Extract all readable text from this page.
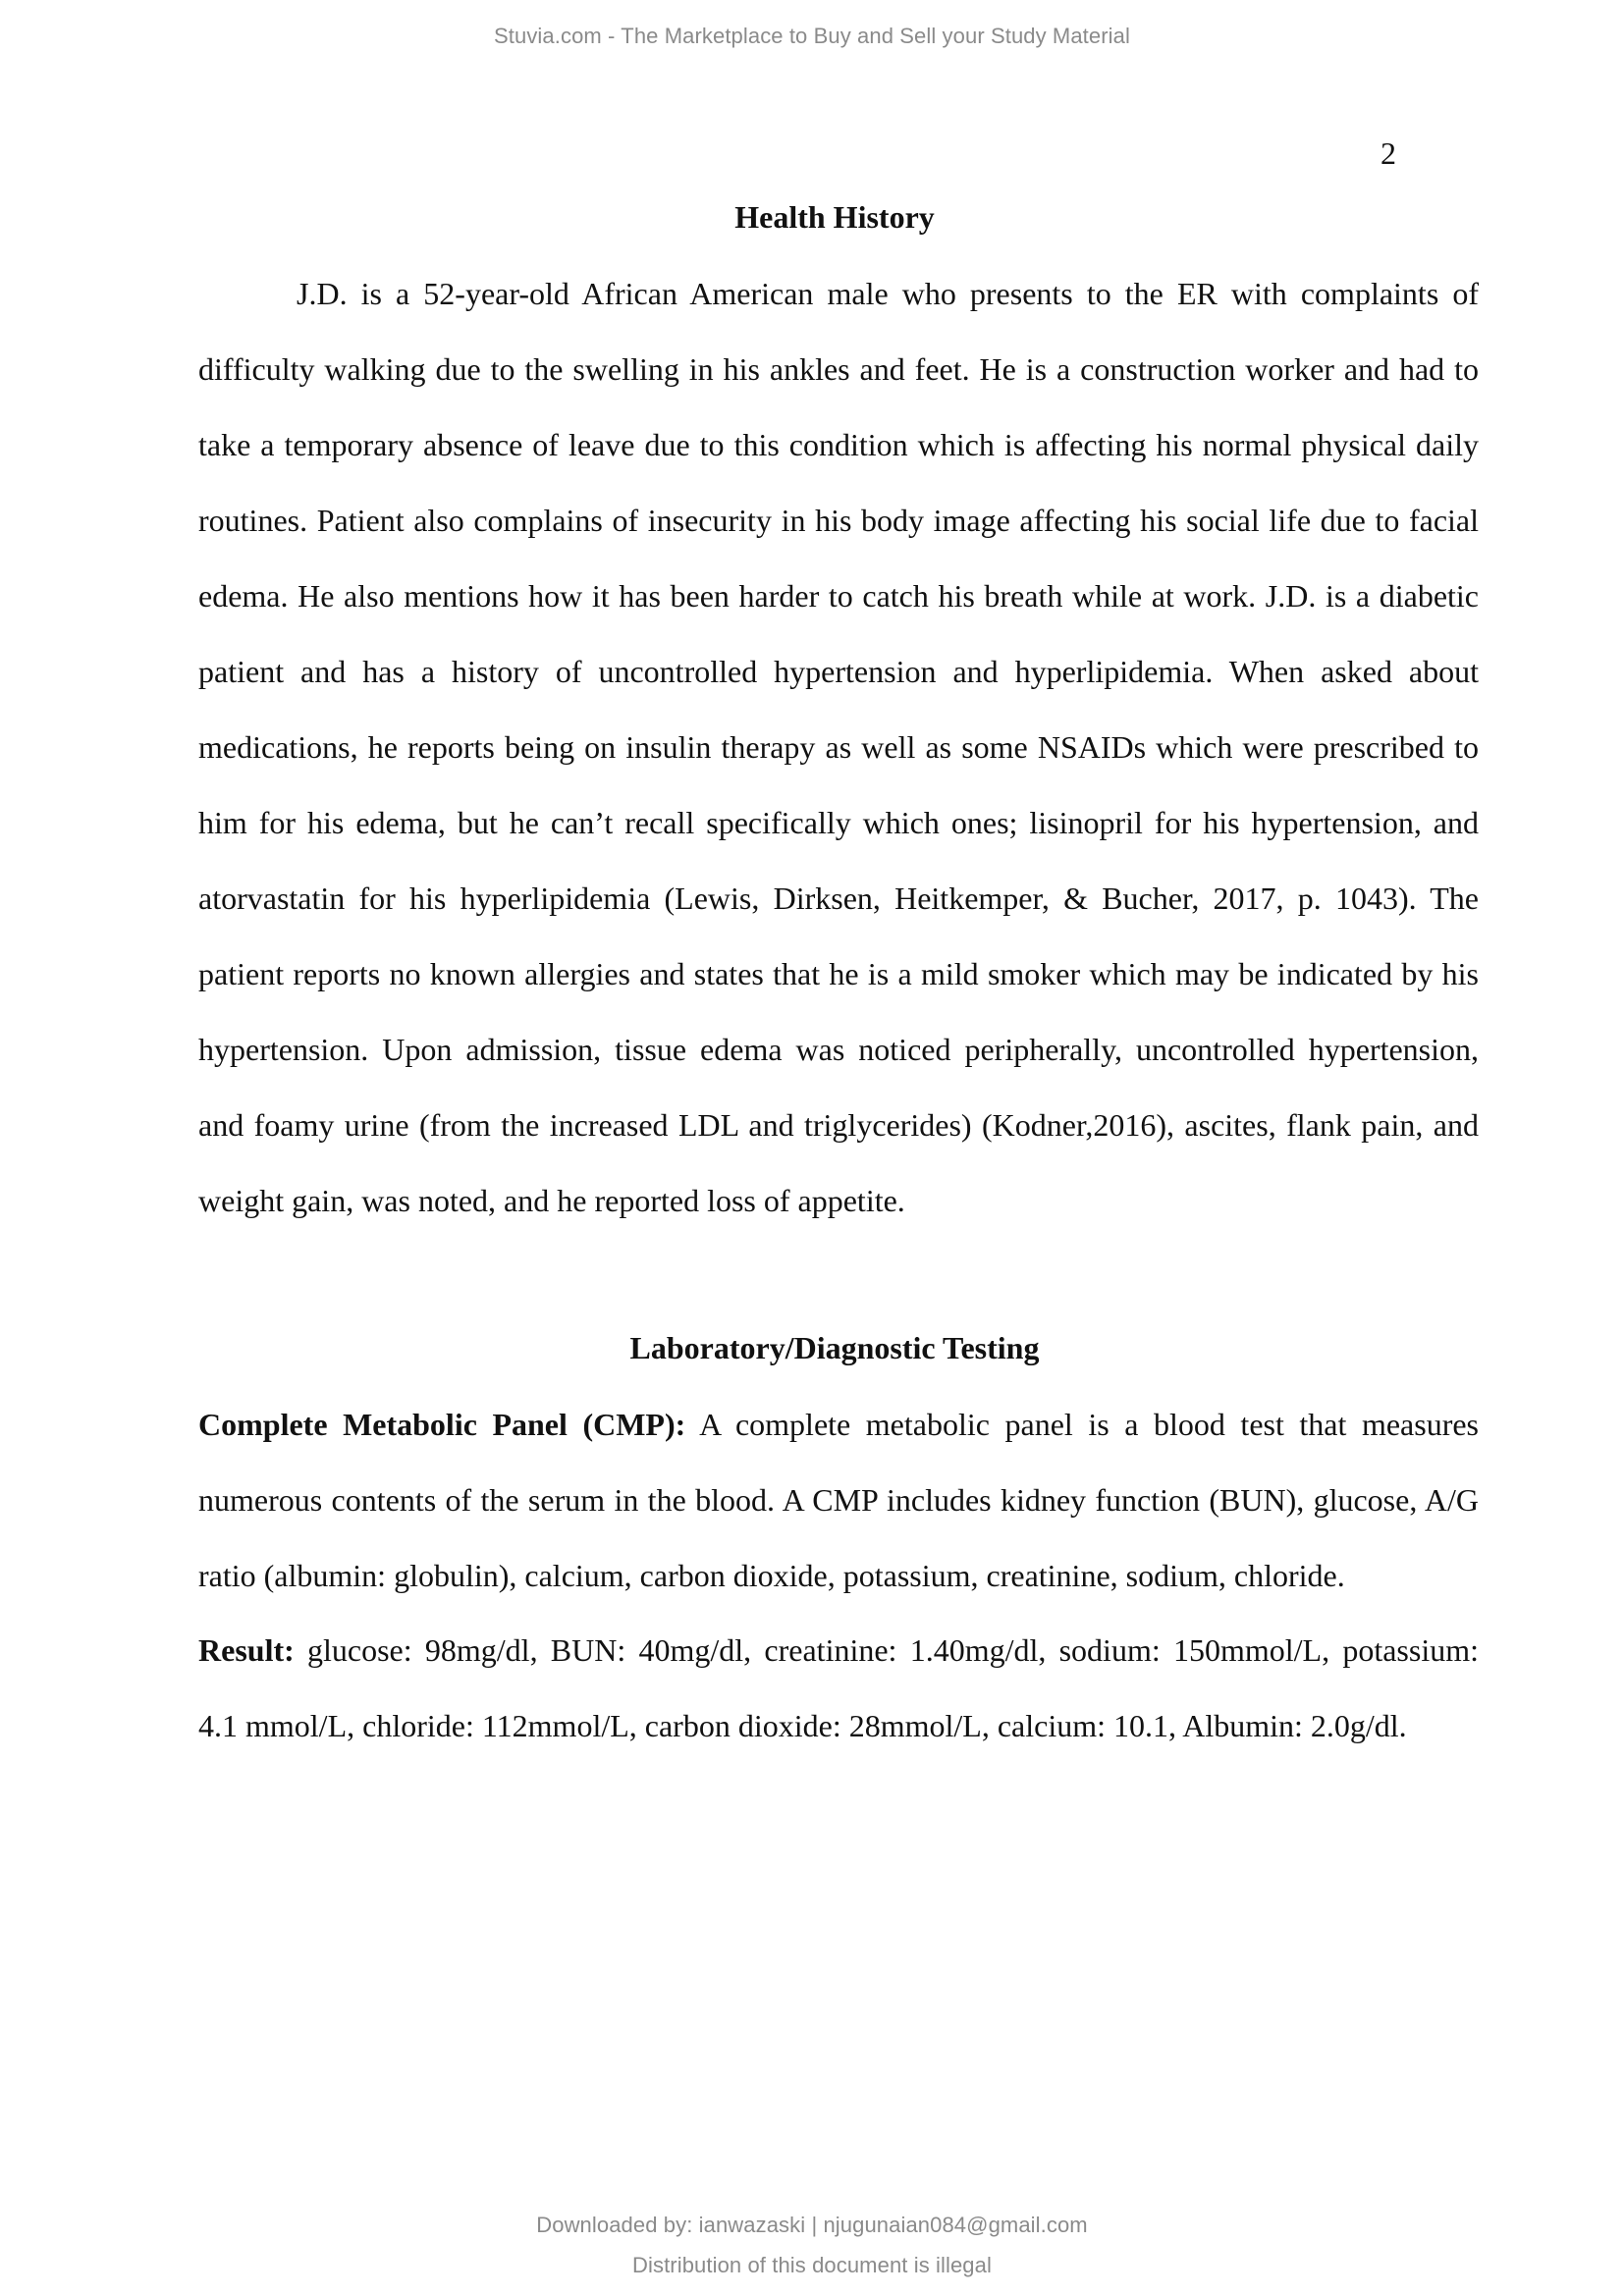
Stuvia.com - The Marketplace to Buy and Sell your Study Material
2
Health History

J.D. is a 52-year-old African American male who presents to the ER with complaints of difficulty walking due to the swelling in his ankles and feet. He is a construction worker and had to take a temporary absence of leave due to this condition which is affecting his normal physical daily routines. Patient also complains of insecurity in his body image affecting his social life due to facial edema. He also mentions how it has been harder to catch his breath while at work. J.D. is a diabetic patient and has a history of uncontrolled hypertension and hyperlipidemia. When asked about medications, he reports being on insulin therapy as well as some NSAIDs which were prescribed to him for his edema, but he can’t recall specifically which ones; lisinopril for his hypertension, and atorvastatin for his hyperlipidemia (Lewis, Dirksen, Heitkemper, & Bucher, 2017, p. 1043). The patient reports no known allergies and states that he is a mild smoker which may be indicated by his hypertension. Upon admission, tissue edema was noticed peripherally, uncontrolled hypertension, and foamy urine (from the increased LDL and triglycerides) (Kodner,2016), ascites, flank pain, and weight gain, was noted, and he reported loss of appetite.

Laboratory/Diagnostic Testing

Complete Metabolic Panel (CMP): A complete metabolic panel is a blood test that measures numerous contents of the serum in the blood. A CMP includes kidney function (BUN), glucose, A/G ratio (albumin: globulin), calcium, carbon dioxide, potassium, creatinine, sodium, chloride.

Result: glucose: 98mg/dl, BUN: 40mg/dl, creatinine: 1.40mg/dl, sodium: 150mmol/L, potassium: 4.1 mmol/L, chloride: 112mmol/L, carbon dioxide: 28mmol/L, calcium: 10.1, Albumin: 2.0g/dl.

Downloaded by: ianwazaski | njugunaian084@gmail.com
Distribution of this document is illegal
